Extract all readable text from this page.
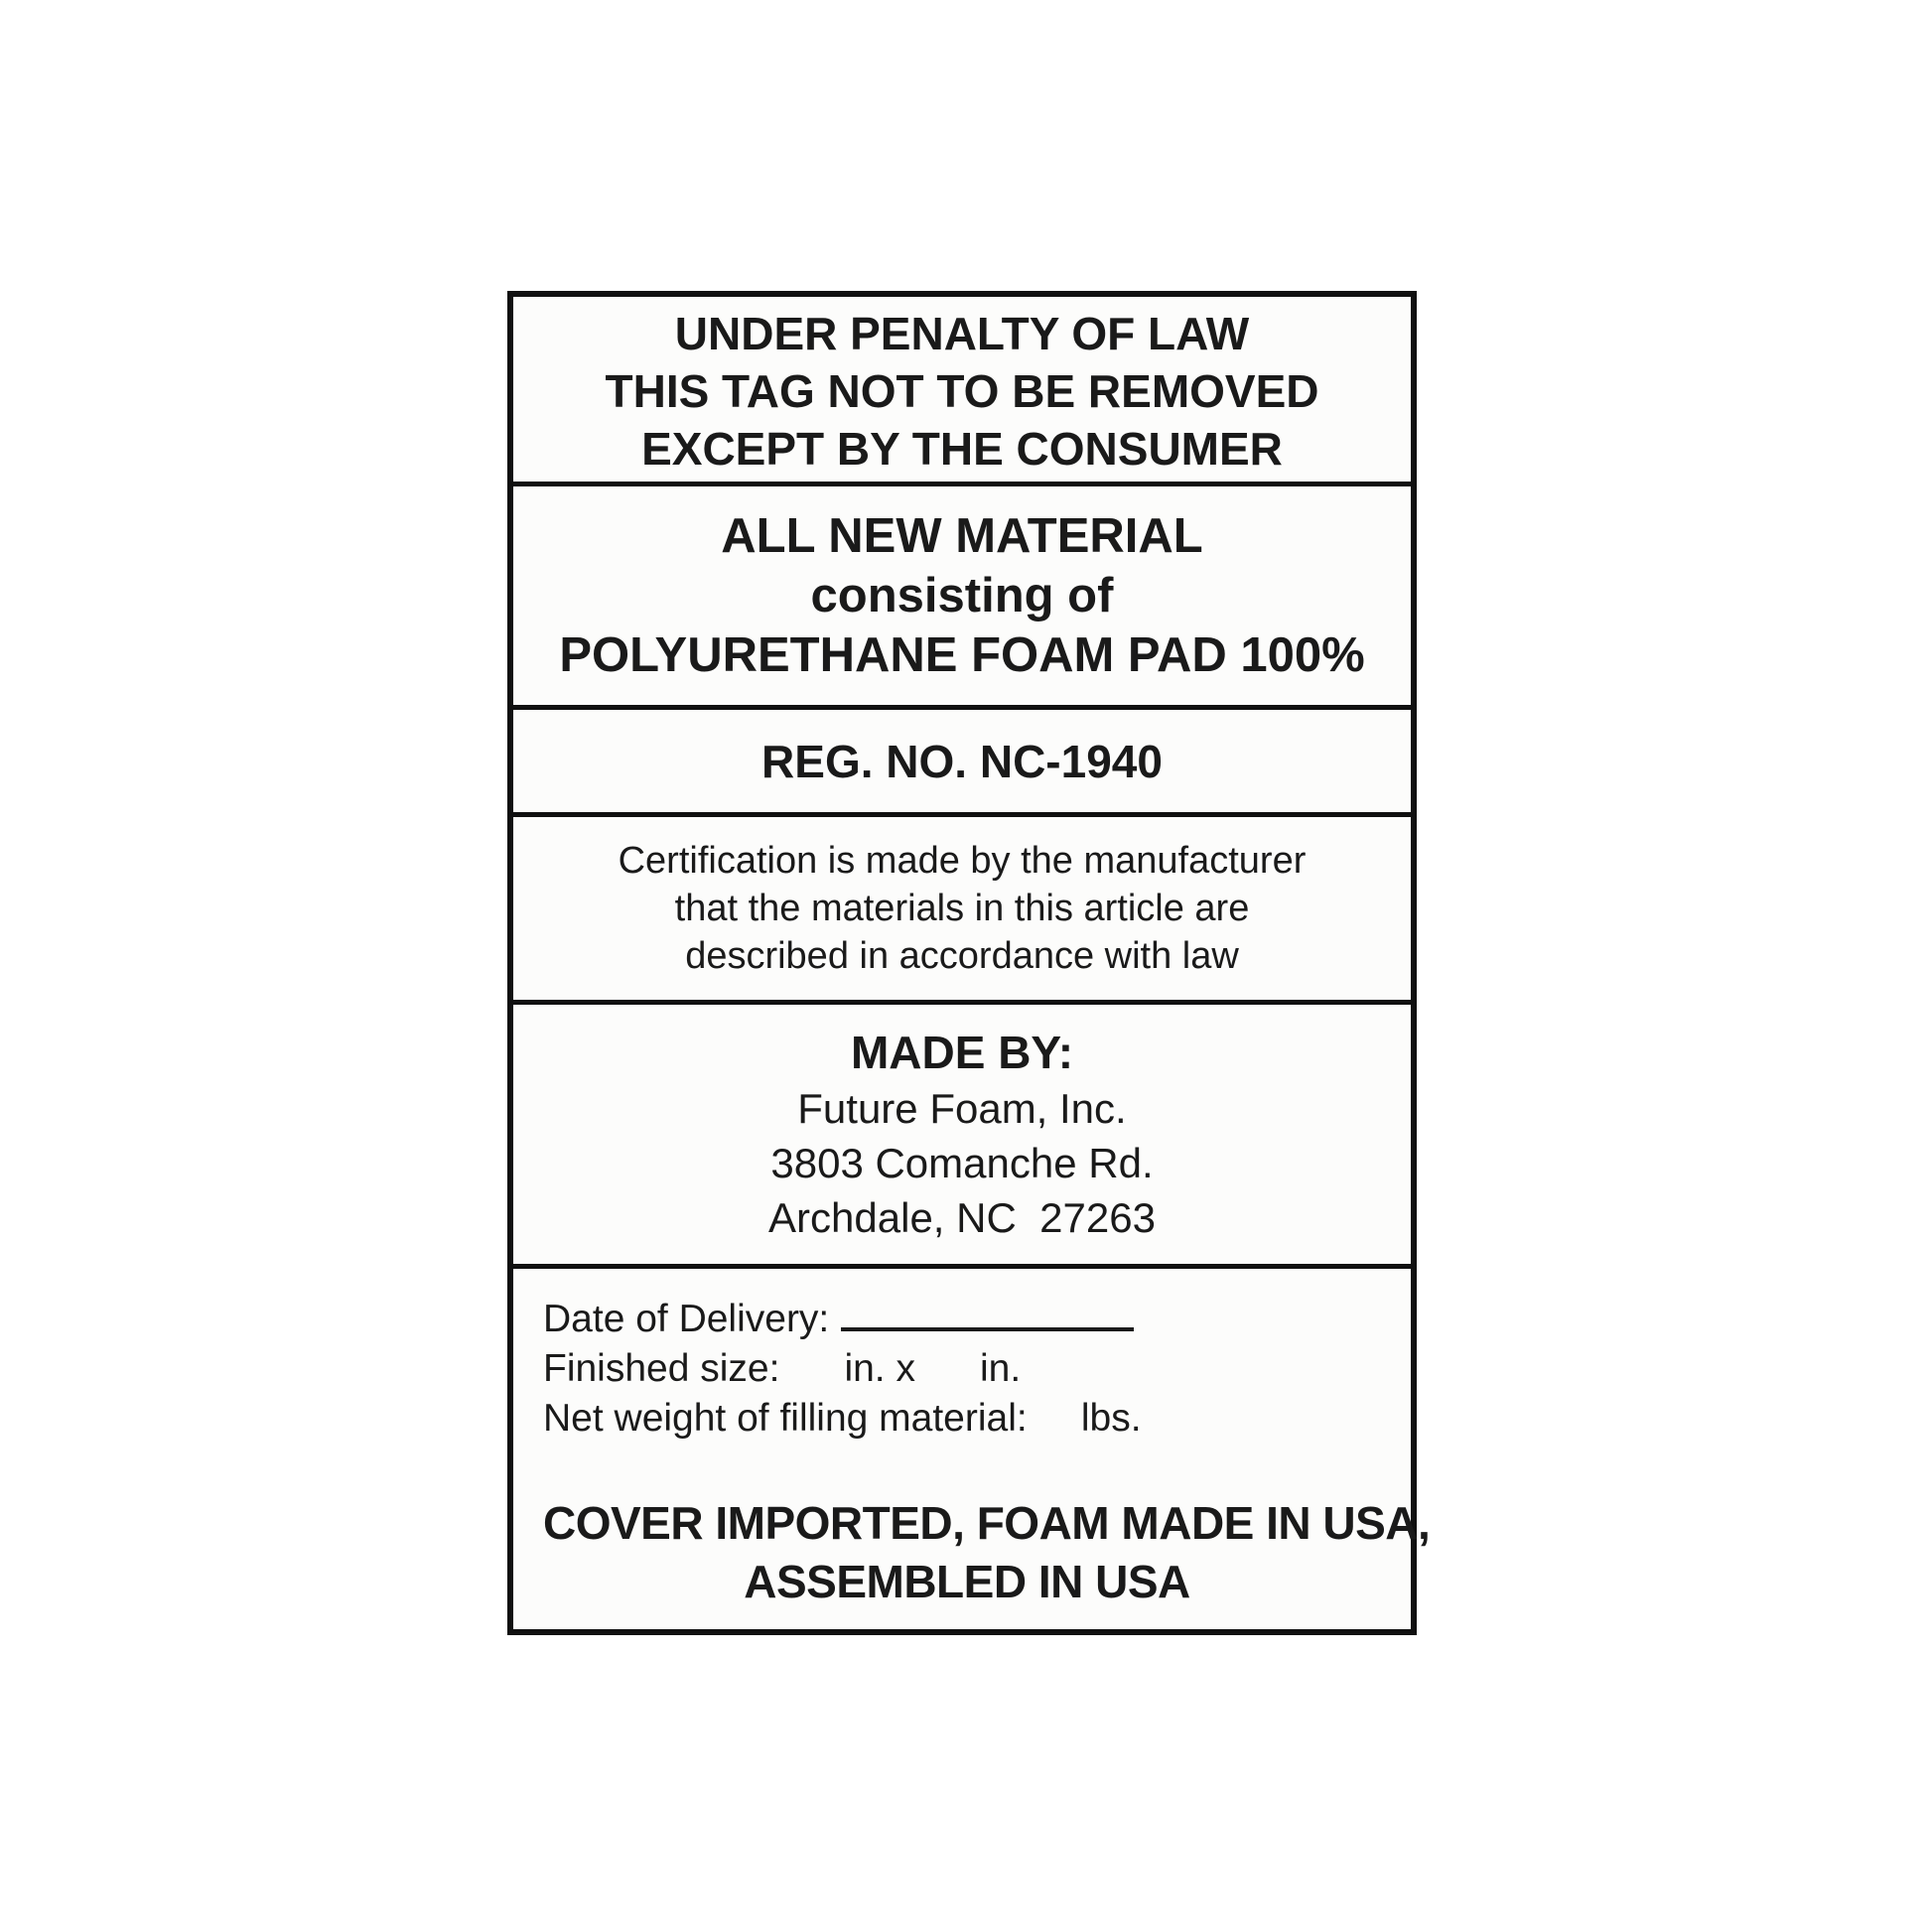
UNDER PENALTY OF LAW
THIS TAG NOT TO BE REMOVED
EXCEPT BY THE CONSUMER
ALL NEW MATERIAL
consisting of
POLYURETHANE FOAM PAD 100%
REG. NO. NC-1940
Certification is made by the manufacturer
that the materials in this article are
described in accordance with law
MADE BY:
Future Foam, Inc.
3803 Comanche Rd.
Archdale, NC  27263
Date of Delivery:
Finished size:      in. x      in.
Net weight of filling material:     lbs.
COVER IMPORTED, FOAM MADE IN USA,
ASSEMBLED IN USA
